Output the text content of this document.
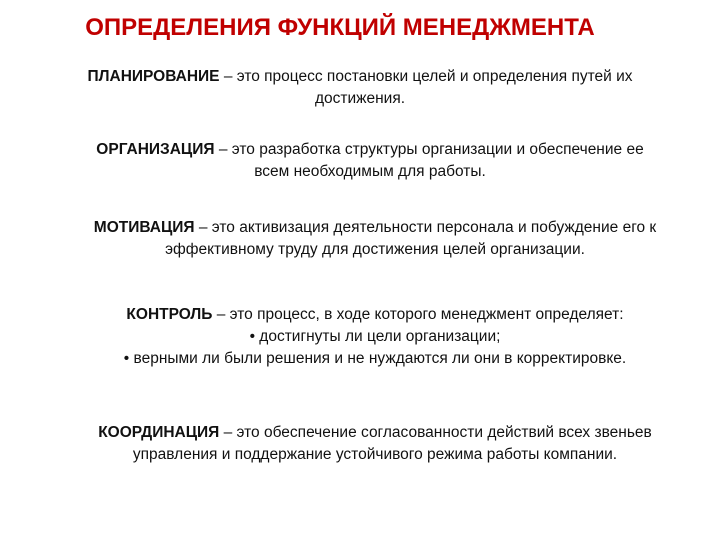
ОПРЕДЕЛЕНИЯ ФУНКЦИЙ МЕНЕДЖМЕНТА
ПЛАНИРОВАНИЕ – это процесс постановки целей и определения путей их
достижения.
ОРГАНИЗАЦИЯ – это разработка структуры организации и обеспечение ее
всем необходимым для работы.
МОТИВАЦИЯ – это активизация деятельности персонала и побуждение его к
эффективному труду для достижения целей организации.
КОНТРОЛЬ – это процесс, в ходе которого менеджмент определяет:
• достигнуты ли цели организации;
• верными ли были решения и не нуждаются ли они в корректировке.
КООРДИНАЦИЯ – это обеспечение согласованности действий всех звеньев
управления и поддержание устойчивого режима работы компании.
